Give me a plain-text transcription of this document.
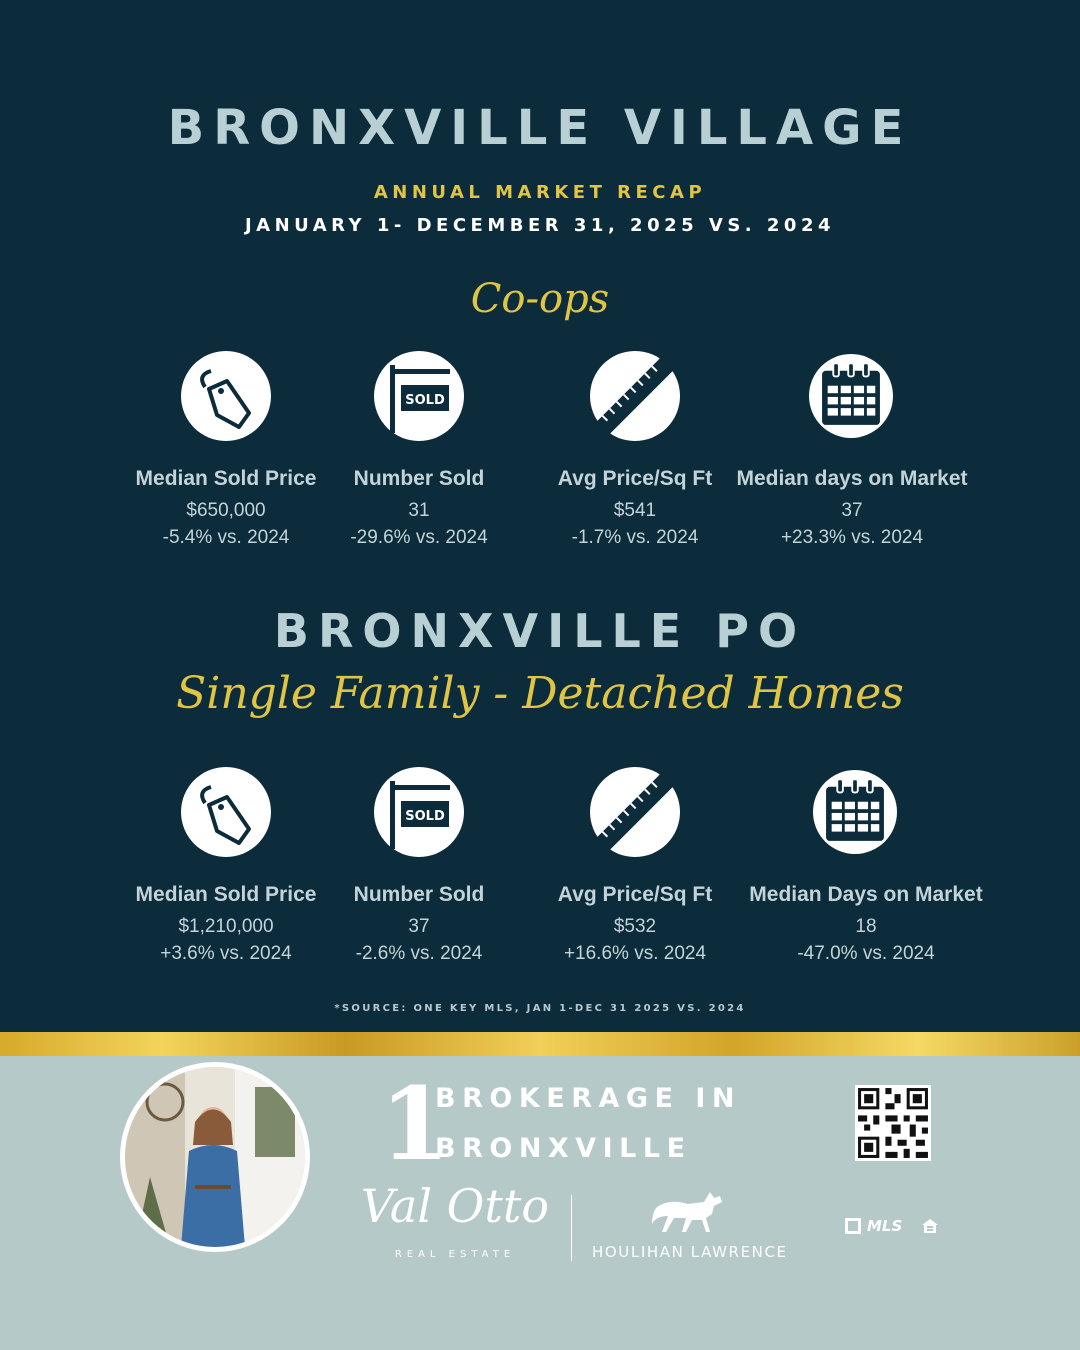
BRONXVILLE VILLAGE
ANNUAL MARKET RECAP
JANUARY 1- DECEMBER 31, 2025 VS. 2024
Co-ops
SOLD
Median Sold Price
$650,000
-5.4% vs. 2024
Number Sold
31
-29.6% vs. 2024
Avg Price/Sq Ft
$541
-1.7% vs. 2024
Median days on Market
37
+23.3% vs. 2024
BRONXVILLE PO
Single Family - Detached Homes
SOLD
Median Sold Price
$1,210,000
+3.6% vs. 2024
Number Sold
37
-2.6% vs. 2024
Avg Price/Sq Ft
$532
+16.6% vs. 2024
Median Days on Market
18
-47.0% vs. 2024
*SOURCE: ONE KEY MLS, JAN 1-DEC 31 2025 VS. 2024
1
BROKERAGE IN
BRONXVILLE
Val Otto
REAL ESTATE	HOULIHAN LAWRENCE
MLS
